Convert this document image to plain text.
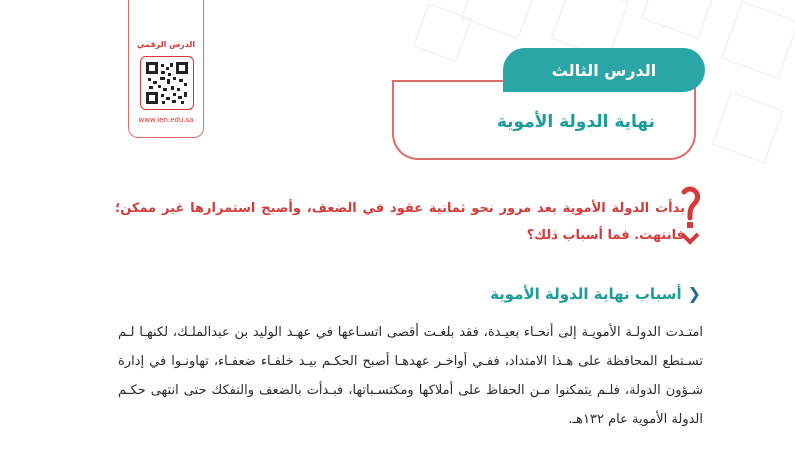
الدرس الرقمي
www.ien.edu.sa
الدرس الثالث
نهاية الدولة الأموية
بدأت الدولة الأموية بعد مرور نحو ثمانية عقود في الضعف، وأصبح استمرارها غير ممكن؛ فانتهت. فما أسباب ذلك؟
❮
أسباب نهاية الدولة الأموية

امتـدت الدولـة الأمويـة إلى أنحـاء بعيـدة، فقد بلغـت أقصى اتسـاعها في عهـد الوليد بن عبدالملـك، لكنهـا لـم تسـتطع المحافظة على هـذا الامتداد، ففـي أواخـر عهدهـا أصبح الحكـم بيـد خلفـاء ضعفـاء، تهاونـوا في إدارة شـؤون الدولة، فلـم يتمكنوا مـن الحفاظ على أملاكها ومكتسـباتها، فبـدأت بالضعف والتفكك حتى انتهى حكـم الدولة الأموية عام ١٣٢هـ.
